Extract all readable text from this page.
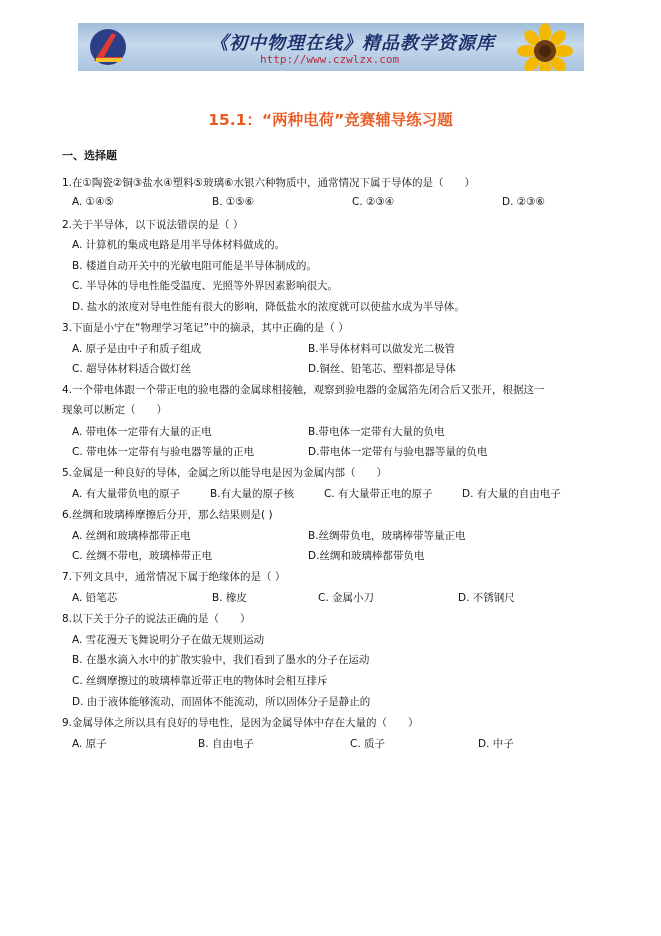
《初中物理在线》精品教学资源库
http://www.czwlzx.com
15.1：“两种电荷”竞赛辅导练习题
一、选择题
1.在①陶瓷②铜③盐水④塑料⑤玻璃⑥水银六种物质中，通常情况下属于导体的是（　　）
A. ①④⑤	B. ①⑤⑥	C. ②③④	D. ②③⑥
2.关于半导体，以下说法错误的是（ ）
A. 计算机的集成电路是用半导体材料做成的。
B. 楼道自动开关中的光敏电阻可能是半导体制成的。
C. 半导体的导电性能受温度、光照等外界因素影响很大。
D. 盐水的浓度对导电性能有很大的影响，降低盐水的浓度就可以使盐水成为半导体。
3.下面是小宁在“物理学习笔记”中的摘录，其中正确的是（ ）
A. 原子是由中子和质子组成	B.半导体材料可以做发光二极管
C. 超导体材料适合做灯丝	D.铜丝、铅笔芯、塑料都是导体
4.一个带电体跟一个带正电的验电器的金属球相接触，观察到验电器的金属箔先闭合后又张开，根据这一
现象可以断定（　　）
A. 带电体一定带有大量的正电	B.带电体一定带有大量的负电
C. 带电体一定带有与验电器等量的正电	D.带电体一定带有与验电器等量的负电
5.金属是一种良好的导体，金属之所以能导电是因为金属内部（　　）
A. 有大量带负电的原子	B.有大量的原子核	C. 有大量带正电的原子	D. 有大量的自由电子
6.丝绸和玻璃棒摩擦后分开，那么结果则是( )
A. 丝绸和玻璃棒都带正电	B.丝绸带负电，玻璃棒带等量正电
C. 丝绸不带电，玻璃棒带正电	D.丝绸和玻璃棒都带负电
7.下列文具中，通常情况下属于绝缘体的是（ ）
A. 铅笔芯	B. 橡皮	C. 金属小刀	D. 不锈钢尺
8.以下关于分子的说法正确的是（　　）
A. 雪花漫天飞舞说明分子在做无规则运动
B. 在墨水滴入水中的扩散实验中，我们看到了墨水的分子在运动
C. 丝绸摩擦过的玻璃棒靠近带正电的物体时会相互排斥
D. 由于液体能够流动，而固体不能流动，所以固体分子是静止的
9.金属导体之所以具有良好的导电性，是因为金属导体中存在大量的（　　）
A. 原子	B. 自由电子	C. 质子	D. 中子
